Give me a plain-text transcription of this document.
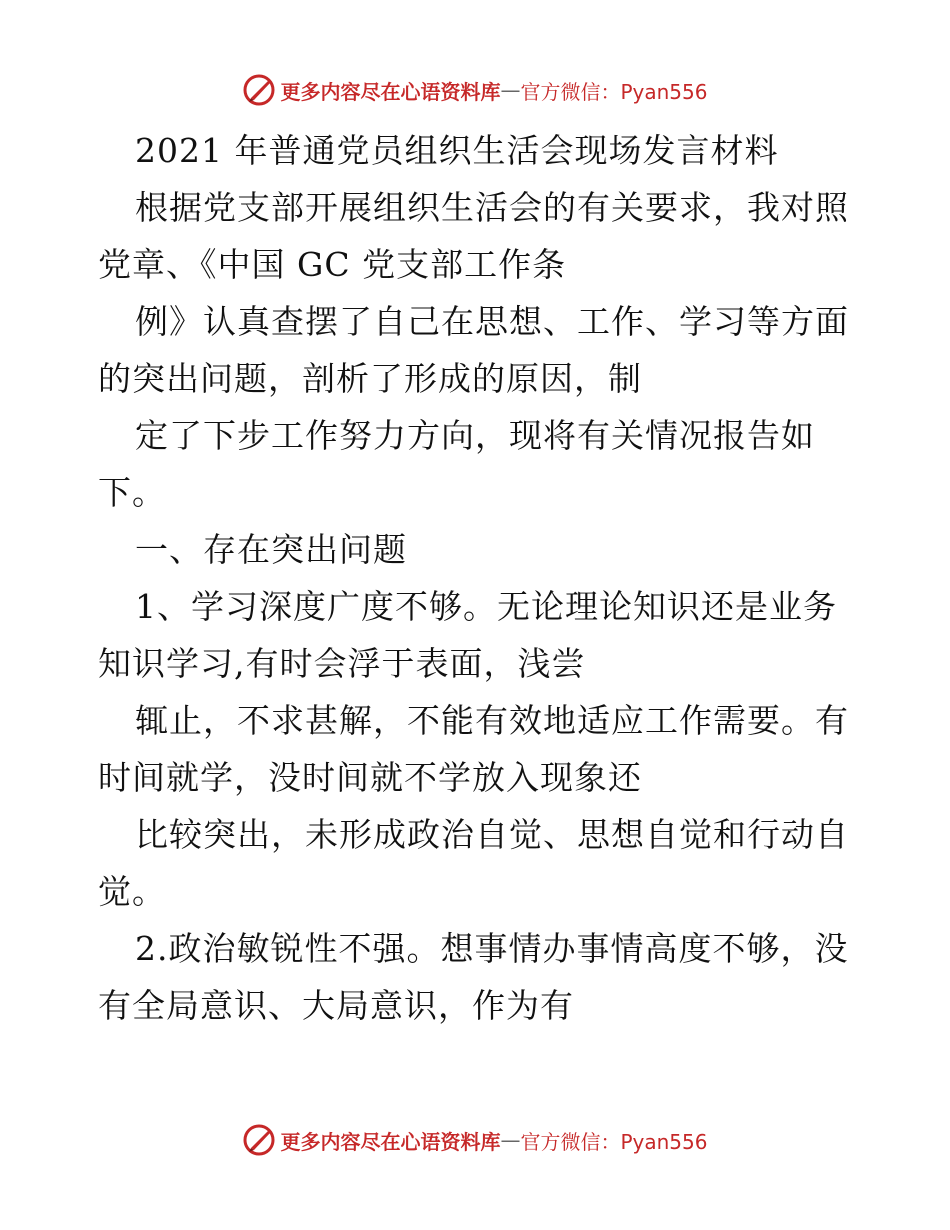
更多内容尽在心语资料库 — 官方微信：Pyan556
2021 年普通党员组织生活会现场发言材料
根据党支部开展组织生活会的有关要求，我对照
党章、《中国 GC 党支部工作条
例》认真查摆了自己在思想、工作、学习等方面
的突出问题，剖析了形成的原因，制
定了下步工作努力方向，现将有关情况报告如
下。
一、存在突出问题
1、学习深度广度不够。无论理论知识还是业务
知识学习,有时会浮于表面，浅尝
辄止，不求甚解，不能有效地适应工作需要。有
时间就学，没时间就不学放入现象还
比较突出，未形成政治自觉、思想自觉和行动自
觉。
2.政治敏锐性不强。想事情办事情高度不够，没
有全局意识、大局意识，作为有
更多内容尽在心语资料库 — 官方微信：Pyan556
